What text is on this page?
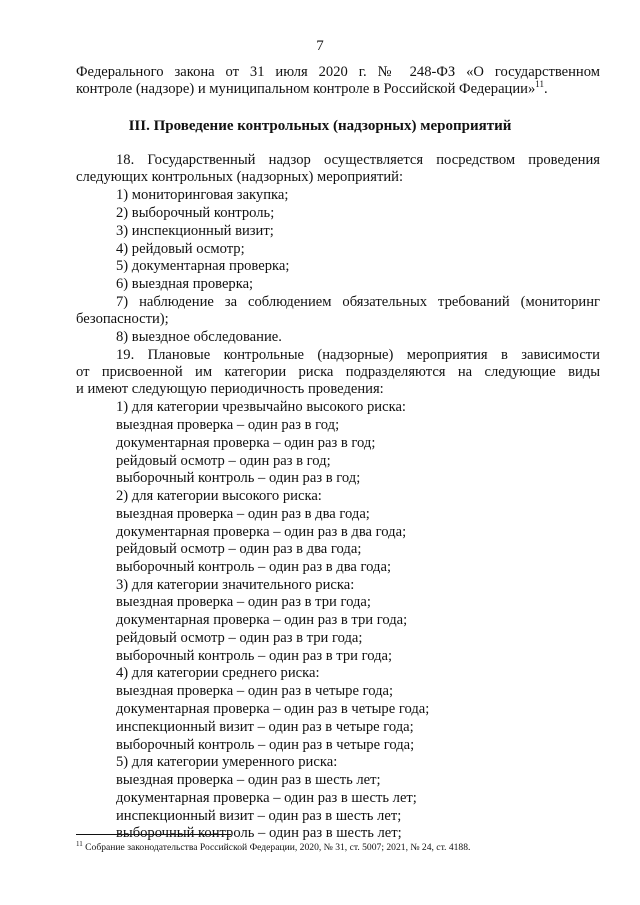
7
Федерального закона от 31 июля 2020 г. № 248-ФЗ «О государственном
контроле (надзоре) и муниципальном контроле в Российской Федерации»$^{11}$.
III. Проведение контрольных (надзорных) мероприятий
18. Государственный надзор осуществляется посредством проведения
следующих контрольных (надзорных) мероприятий:
1) мониторинговая закупка;
2) выборочный контроль;
3) инспекционный визит;
4) рейдовый осмотр;
5) документарная проверка;
6) выездная проверка;
7) наблюдение за соблюдением обязательных требований (мониторинг
безопасности);
8) выездное обследование.
19. Плановые контрольные (надзорные) мероприятия в зависимости
от присвоенной им категории риска подразделяются на следующие виды
и имеют следующую периодичность проведения:
1) для категории чрезвычайно высокого риска:
выездная проверка – один раз в год;
документарная проверка – один раз в год;
рейдовый осмотр – один раз в год;
выборочный контроль – один раз в год;
2) для категории высокого риска:
выездная проверка – один раз в два года;
документарная проверка – один раз в два года;
рейдовый осмотр – один раз в два года;
выборочный контроль – один раз в два года;
3) для категории значительного риска:
выездная проверка – один раз в три года;
документарная проверка – один раз в три года;
рейдовый осмотр – один раз в три года;
выборочный контроль – один раз в три года;
4) для категории среднего риска:
выездная проверка – один раз в четыре года;
документарная проверка – один раз в четыре года;
инспекционный визит – один раз в четыре года;
выборочный контроль – один раз в четыре года;
5) для категории умеренного риска:
выездная проверка – один раз в шесть лет;
документарная проверка – один раз в шесть лет;
инспекционный визит – один раз в шесть лет;
выборочный контроль – один раз в шесть лет;
$^{11}$ Собрание законодательства Российской Федерации, 2020, № 31, ст. 5007; 2021, № 24, ст. 4188.
